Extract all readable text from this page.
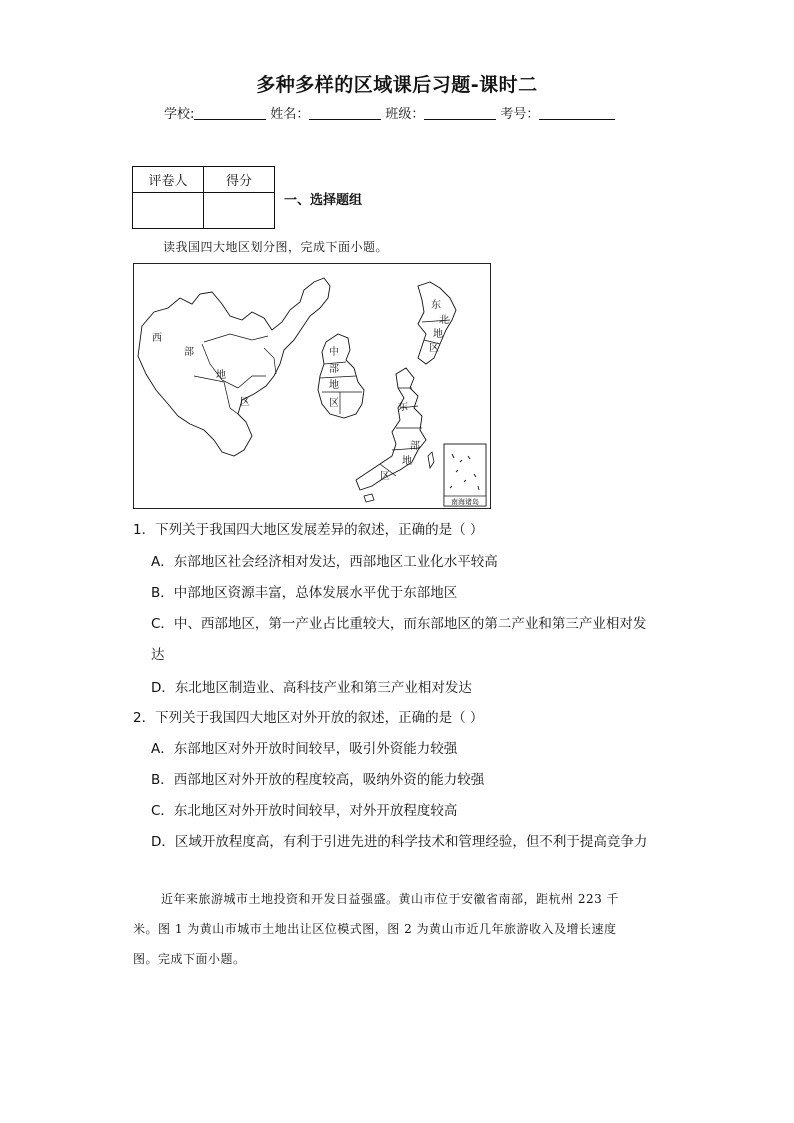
多种多样的区域课后习题-课时二
学校:	姓名：	班级：	考号：
评卷人	得分

一、选择题组
读我国四大地区划分图，完成下面小题。
南海诸岛
西
部
地
区
中
部
地
区
东
北
地
区
东
部
地
区
1．下列关于我国四大地区发展差异的叙述，正确的是（ ）
A．东部地区社会经济相对发达，西部地区工业化水平较高
B．中部地区资源丰富，总体发展水平优于东部地区
C．中、西部地区，第一产业占比重较大，而东部地区的第二产业和第三产业相对发
达
D．东北地区制造业、高科技产业和第三产业相对发达
2．下列关于我国四大地区对外开放的叙述，正确的是（ ）
A．东部地区对外开放时间较早，吸引外资能力较强
B．西部地区对外开放的程度较高，吸纳外资的能力较强
C．东北地区对外开放时间较早，对外开放程度较高
D．区域开放程度高，有利于引进先进的科学技术和管理经验，但不利于提高竞争力
近年来旅游城市土地投资和开发日益强盛。黄山市位于安徽省南部，距杭州 223 千
米。图 1 为黄山市城市土地出让区位模式图，图 2 为黄山市近几年旅游收入及增长速度
图。完成下面小题。
